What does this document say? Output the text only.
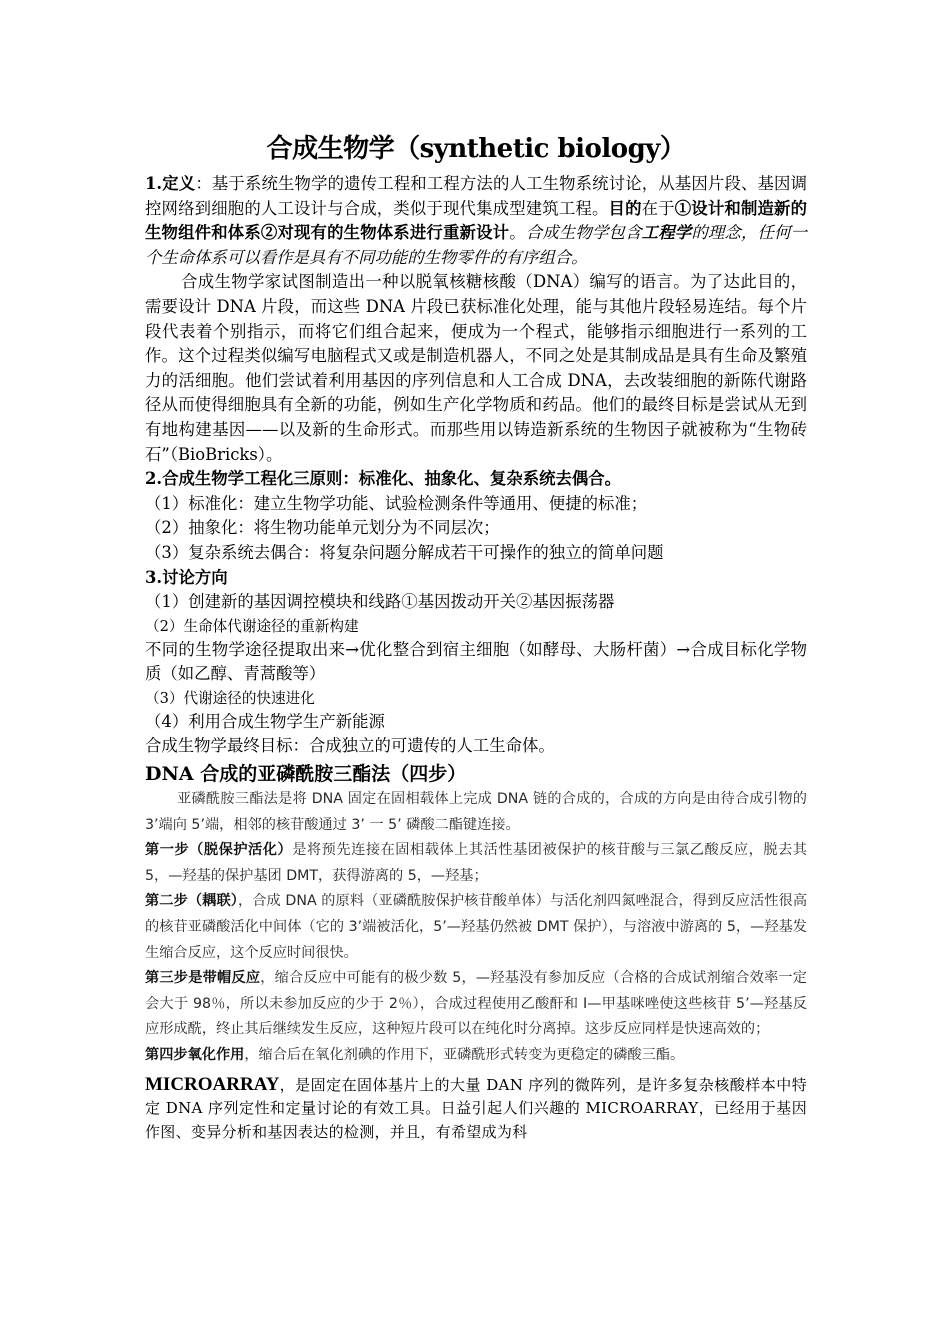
合成生物学（synthetic biology）

1.定义：基于系统生物学的遗传工程和工程方法的人工生物系统讨论，从基因片段、基因调控网络到细胞的人工设计与合成，类似于现代集成型建筑工程。目的在于①设计和制造新的生物组件和体系②对现有的生物体系进行重新设计。合成生物学包含工程学的理念，任何一个生命体系可以看作是具有不同功能的生物零件的有序组合。

合成生物学家试图制造出一种以脱氧核糖核酸（DNA）编写的语言。为了达此目的，需要设计 DNA 片段，而这些 DNA 片段已获标准化处理，能与其他片段轻易连结。每个片段代表着个别指示，而将它们组合起来，便成为一个程式，能够指示细胞进行一系列的工作。这个过程类似编写电脑程式又或是制造机器人，不同之处是其制成品是具有生命及繁殖力的活细胞。他们尝试着利用基因的序列信息和人工合成 DNA，去改装细胞的新陈代谢路径从而使得细胞具有全新的功能，例如生产化学物质和药品。他们的最终目标是尝试从无到有地构建基因——以及新的生命形式。而那些用以铸造新系统的生物因子就被称为“生物砖石”（BioBricks）。

2.合成生物学工程化三原则：标准化、抽象化、复杂系统去偶合。

（1）标准化：建立生物学功能、试验检测条件等通用、便捷的标准；

（2）抽象化：将生物功能单元划分为不同层次；

（3）复杂系统去偶合：将复杂问题分解成若干可操作的独立的简单问题

3.讨论方向

（1）创建新的基因调控模块和线路①基因拨动开关②基因振荡器

（2）生命体代谢途径的重新构建

不同的生物学途径提取出来→优化整合到宿主细胞（如酵母、大肠杆菌）→合成目标化学物质（如乙醇、青蒿酸等）

（3）代谢途径的快速进化

（4）利用合成生物学生产新能源

合成生物学最终目标：合成独立的可遗传的人工生命体。

DNA 合成的亚磷酰胺三酯法（四步）

亚磷酰胺三酯法是将 DNA 固定在固相载体上完成 DNA 链的合成的，合成的方向是由待合成引物的 3’端向 5’端，相邻的核苷酸通过 3’ 一 5’ 磷酸二酯键连接。

第一步（脱保护活化）是将预先连接在固相载体上其活性基团被保护的核苷酸与三氯乙酸反应，脱去其 5，—羟基的保护基团 DMT，获得游离的 5，—羟基；

第二步（耦联），合成 DNA 的原料（亚磷酰胺保护核苷酸单体）与活化剂四氮唑混合，得到反应活性很高的核苷亚磷酸活化中间体（它的 3’端被活化，5’—羟基仍然被 DMT 保护），与溶液中游离的 5，—羟基发生缩合反应，这个反应时间很快。

第三步是带帽反应，缩合反应中可能有的极少数 5，—羟基没有参加反应（合格的合成试剂缩合效率一定会大于 98％，所以未参加反应的少于 2％），合成过程使用乙酸酐和 I—甲基咪唑使这些核苷 5’—羟基反应形成酰，终止其后继续发生反应，这种短片段可以在纯化时分离掉。这步反应同样是快速高效的；

第四步氧化作用，缩合后在氧化剂碘的作用下，亚磷酰形式转变为更稳定的磷酸三酯。

MICROARRAY，是固定在固体基片上的大量 DAN 序列的微阵列，是许多复杂核酸样本中特定 DNA 序列定性和定量讨论的有效工具。日益引起人们兴趣的 MICROARRAY，已经用于基因作图、变异分析和基因表达的检测，并且，有希望成为科
